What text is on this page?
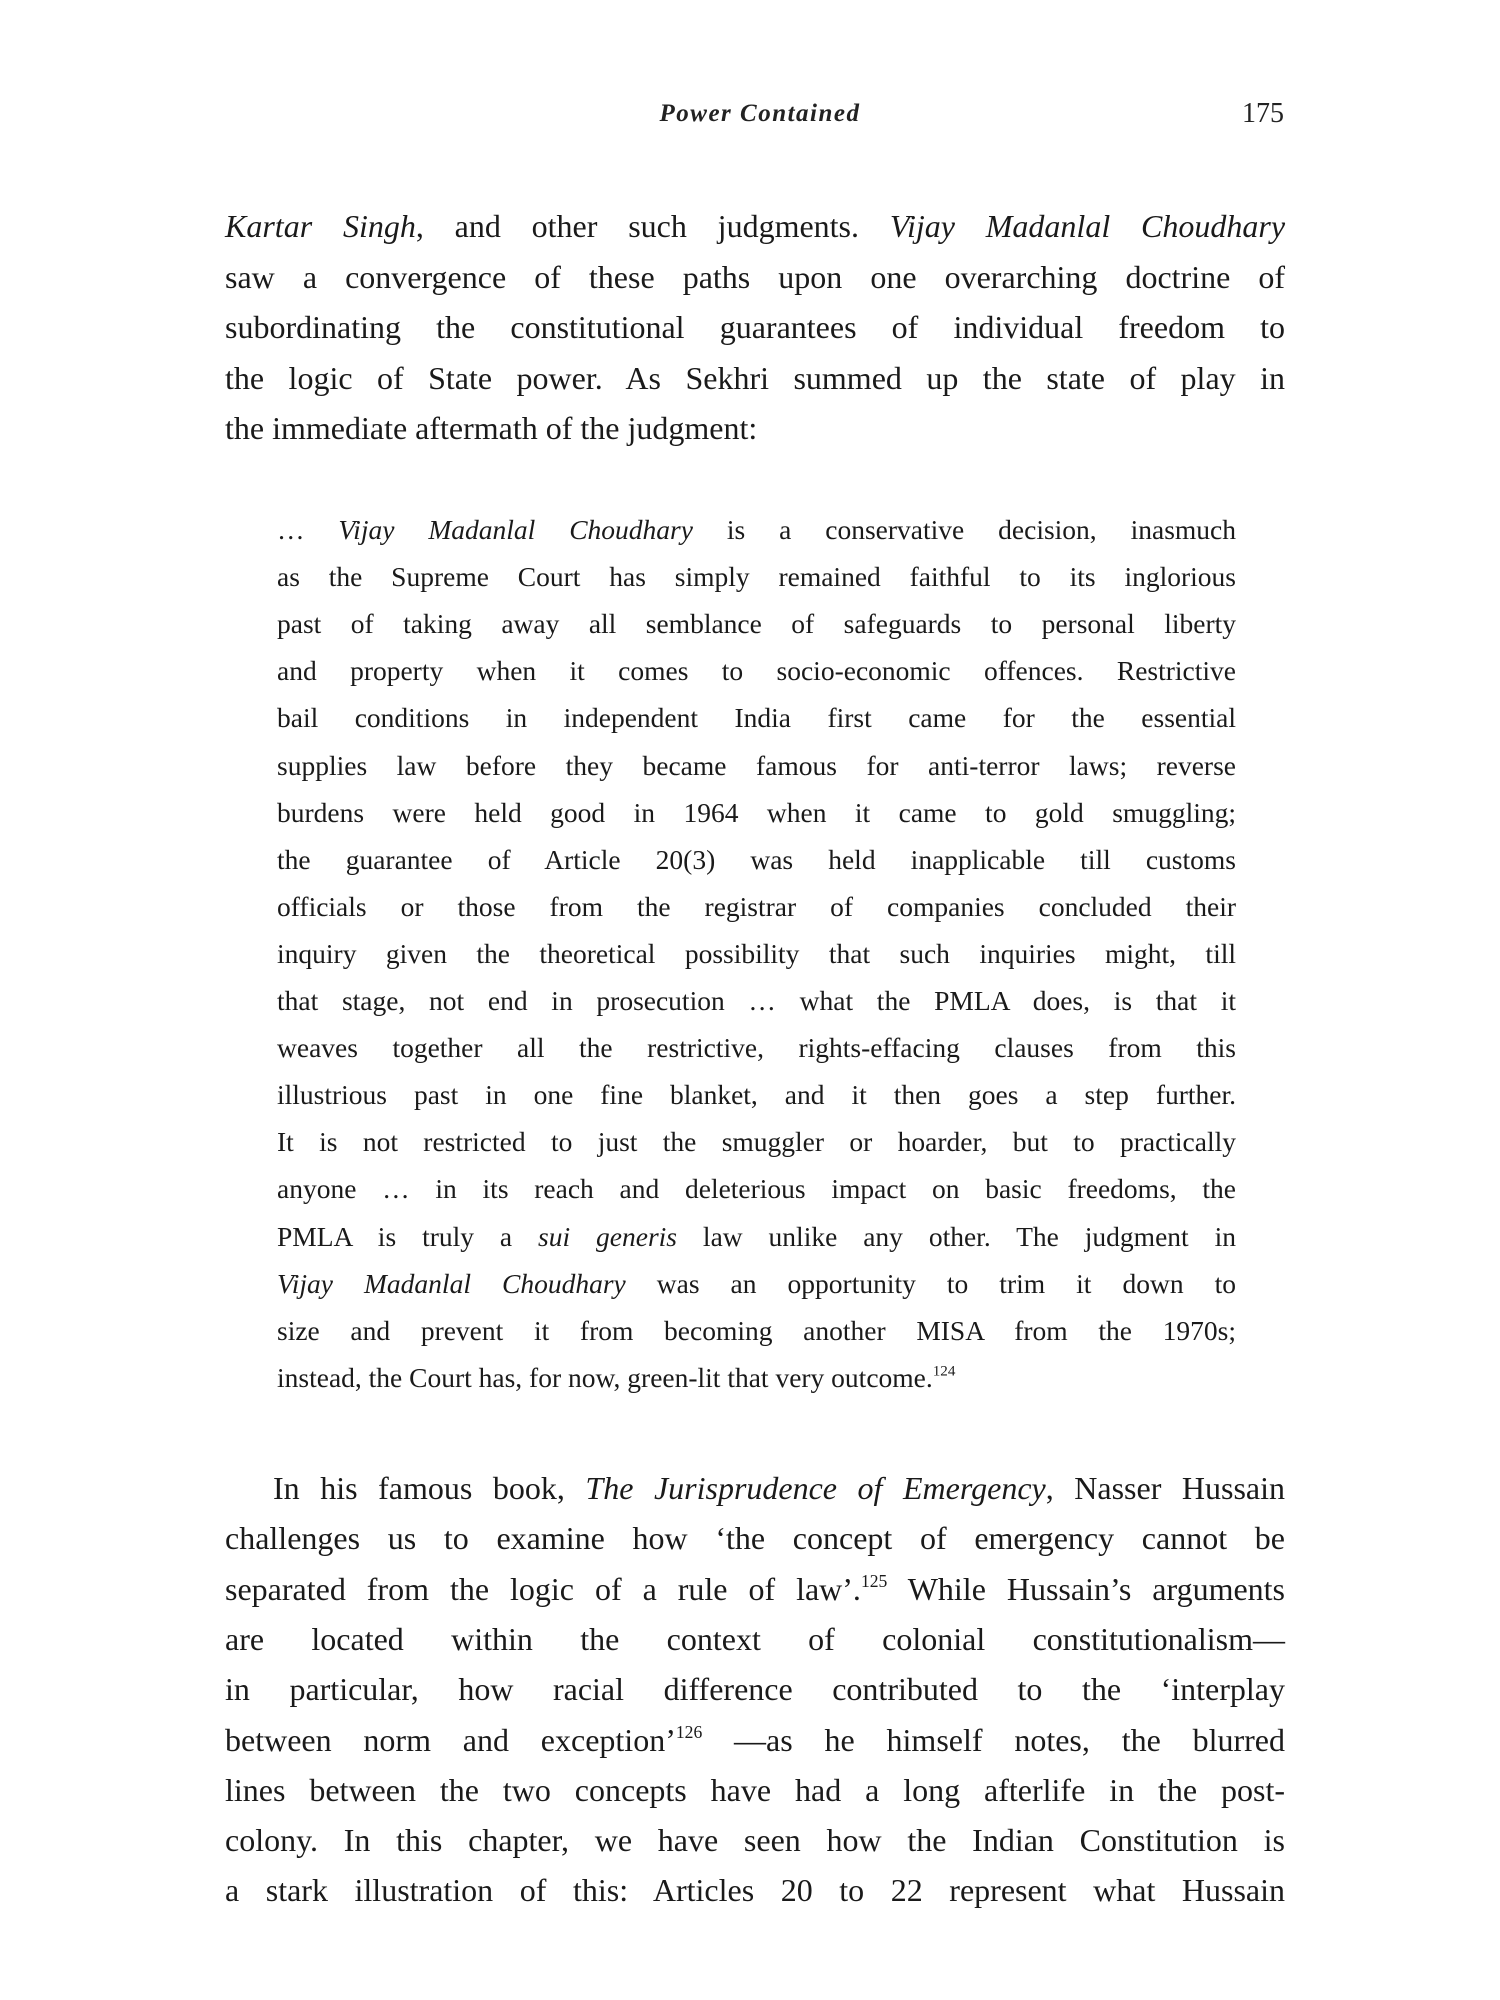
Power Contained	175
Kartar Singh, and other such judgments. Vijay Madanlal Choudhary
saw a convergence of these paths upon one overarching doctrine of
subordinating the constitutional guarantees of individual freedom to
the logic of State power. As Sekhri summed up the state of play in
the immediate aftermath of the judgment:
… Vijay Madanlal Choudhary is a conservative decision, inasmuch
as the Supreme Court has simply remained faithful to its inglorious
past of taking away all semblance of safeguards to personal liberty
and property when it comes to socio-economic offences. Restrictive
bail conditions in independent India first came for the essential
supplies law before they became famous for anti-terror laws; reverse
burdens were held good in 1964 when it came to gold smuggling;
the guarantee of Article 20(3) was held inapplicable till customs
officials or those from the registrar of companies concluded their
inquiry given the theoretical possibility that such inquiries might, till
that stage, not end in prosecution … what the PMLA does, is that it
weaves together all the restrictive, rights-effacing clauses from this
illustrious past in one fine blanket, and it then goes a step further.
It is not restricted to just the smuggler or hoarder, but to practically
anyone … in its reach and deleterious impact on basic freedoms, the
PMLA is truly a sui generis law unlike any other. The judgment in
Vijay Madanlal Choudhary was an opportunity to trim it down to
size and prevent it from becoming another MISA from the 1970s;
instead, the Court has, for now, green-lit that very outcome.$^{124}$
In his famous book, The Jurisprudence of Emergency, Nasser Hussain
challenges us to examine how ‘the concept of emergency cannot be
separated from the logic of a rule of law’.$^{125}$ While Hussain’s arguments
are located within the context of colonial constitutionalism—
in particular, how racial difference contributed to the ‘interplay
between norm and exception’$^{126}$ —as he himself notes, the blurred
lines between the two concepts have had a long afterlife in the post-
colony. In this chapter, we have seen how the Indian Constitution is
a stark illustration of this: Articles 20 to 22 represent what Hussain
